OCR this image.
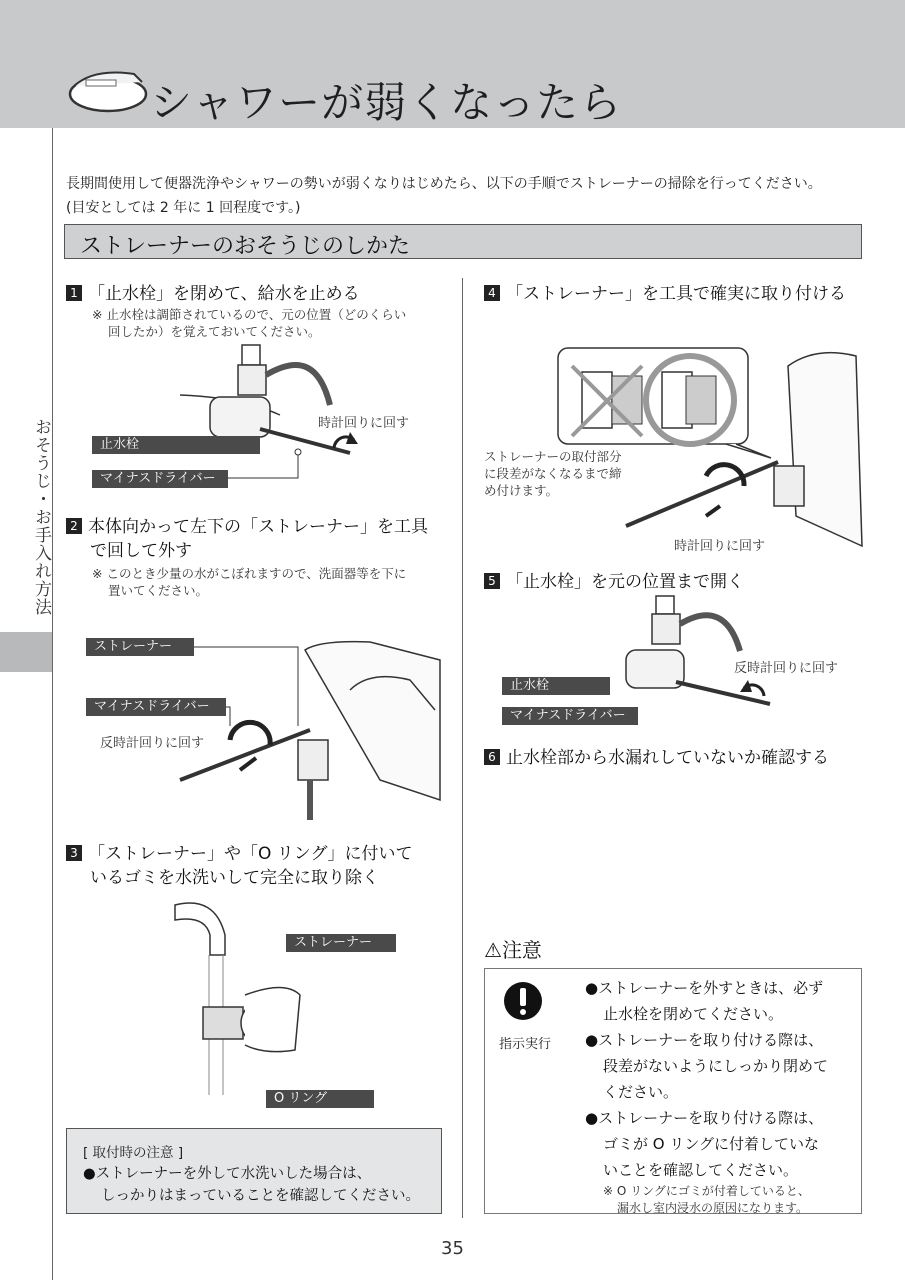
シャワーが弱くなったら
おそうじ・お手入れ方法
長期間使用して便器洗浄やシャワーの勢いが弱くなりはじめたら、以下の手順でストレーナーの掃除を行ってください。
(目安としては 2 年に 1 回程度です。)
ストレーナーのおそうじのしかた
1 「止水栓」を閉めて、給水を止める
※ 止水栓は調節されているので、元の位置（どのくらい
回したか）を覚えておいてください。
時計回りに回す
止水栓
マイナスドライバー
2 本体向かって左下の「ストレーナー」を工具
で回して外す
※ このとき少量の水がこぼれますので、洗面器等を下に
置いてください。
ストレーナー
マイナスドライバー
反時計回りに回す
3 「ストレーナー」や「O リング」に付いて
いるゴミを水洗いして完全に取り除く
ストレーナー
O リング
[ 取付時の注意 ]
●ストレーナーを外して水洗いした場合は、
しっかりはまっていることを確認してください。
4 「ストレーナー」を工具で確実に取り付ける
ストレーナーの取付部分
に段差がなくなるまで締
め付けます。
時計回りに回す
5 「止水栓」を元の位置まで開く
反時計回りに回す
止水栓
マイナスドライバー
6 止水栓部から水漏れしていないか確認する
⚠注意
指示実行
●ストレーナーを外すときは、必ず
止水栓を閉めてください。
●ストレーナーを取り付ける際は、
段差がないようにしっかり閉めて
ください。
●ストレーナーを取り付ける際は、
ゴミが O リングに付着していな
いことを確認してください。
※ O リングにゴミが付着していると、
漏水し室内浸水の原因になります。
35
